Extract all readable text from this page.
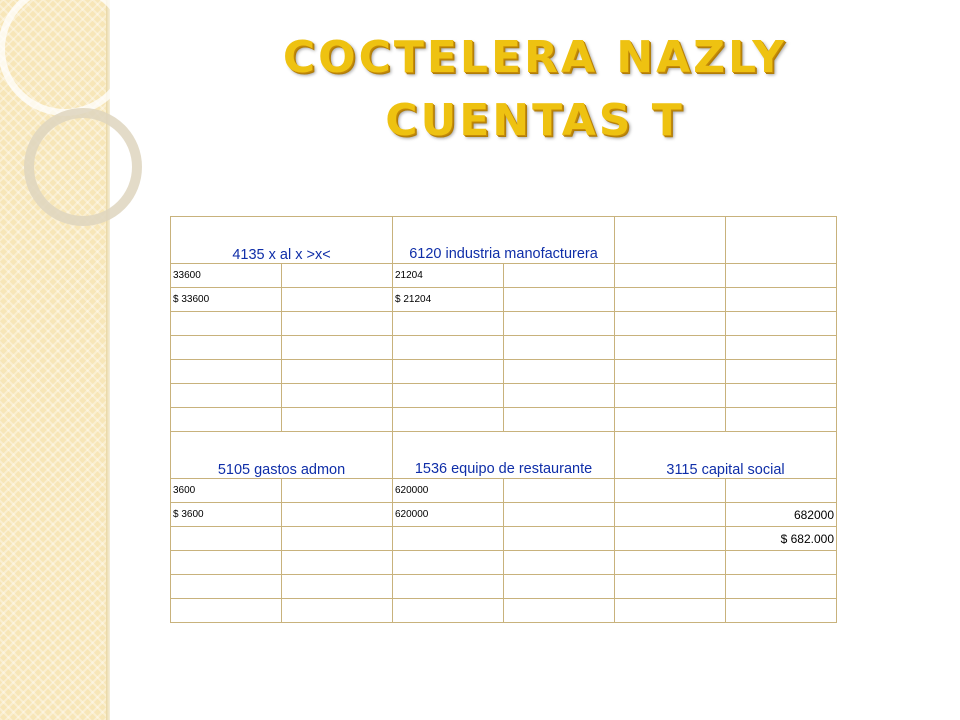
COCTELERA NAZLY
CUENTAS T
4135 x al x >x<		6120 industria manofacturera			
33600		21204			
$ 33600		$ 21204			

5105 gastos admon		1536 equipo de restaurante		3115 capital social	
3600		620000			
$ 3600		620000			682000
					$ 682.000
